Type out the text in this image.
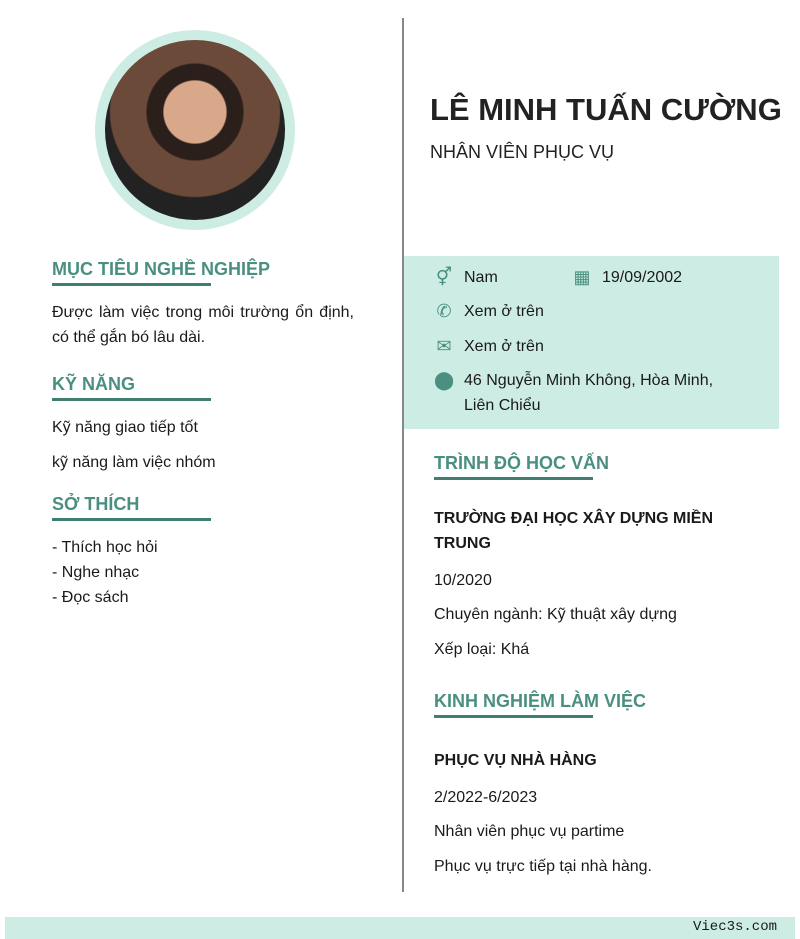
LÊ MINH TUẤN CƯỜNG
NHÂN VIÊN PHỤC VỤ
⚥ Nam	▦ 19/09/2002
✆ Xem ở trên
✉ Xem ở trên
⬤ 46 Nguyễn Minh Không, Hòa Minh,
Liên Chiểu
MỤC TIÊU NGHỀ NGHIỆP
Được làm việc trong môi trường ổn định, có thể gắn bó lâu dài.
KỸ NĂNG
Kỹ năng giao tiếp tốt
kỹ năng làm việc nhóm
SỞ THÍCH
- Thích học hỏi
- Nghe nhạc
- Đọc sách
TRÌNH ĐỘ HỌC VẤN
TRƯỜNG ĐẠI HỌC XÂY DỰNG MIỀN TRUNG
10/2020
Chuyên ngành: Kỹ thuật xây dựng
Xếp loại: Khá
KINH NGHIỆM LÀM VIỆC
PHỤC VỤ NHÀ HÀNG
2/2022-6/2023
Nhân viên phục vụ partime
Phục vụ trực tiếp tại nhà hàng.
Viec3s.com
